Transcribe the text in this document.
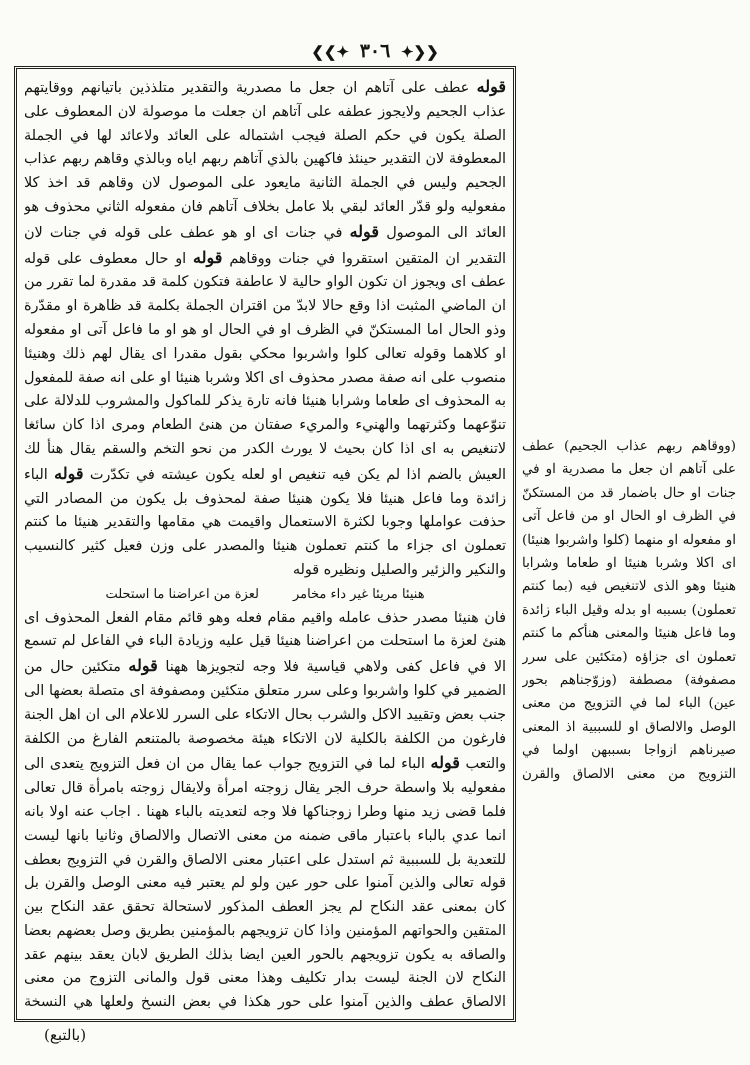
❮❮✦ ٣٠٦ ✦❯❯
قوله عطف على آتاهم ان جعل ما مصدرية والتقدير متلذذين باتيانهم ووقايتهم عذاب الجحيم ولايجوز عطفه على آتاهم ان جعلت ما موصولة لان المعطوف على الصلة يكون في حكم الصلة فيجب اشتماله على العائد ولاعائد لها في الجملة المعطوفة لان التقدير حينئذ فاكهين بالذي آتاهم ربهم اياه وبالذي وقاهم ربهم عذاب الجحيم وليس في الجملة الثانية مايعود على الموصول لان وقاهم قد اخذ كلا مفعوليه ولو قدّر العائد لبقي بلا عامل بخلاف آتاهم فان مفعوله الثاني محذوف هو العائد الى الموصول قوله في جنات اى او هو عطف على قوله في جنات لان التقدير ان المتقين استقروا في جنات ووقاهم قوله او حال معطوف على قوله عطف اى ويجوز ان تكون الواو حالية لا عاطفة فتكون كلمة قد مقدرة لما تقرر من ان الماضي المثبت اذا وقع حالا لابدّ من اقتران الجملة بكلمة قد ظاهرة او مقدّرة وذو الحال اما المستكنّ في الظرف او في الحال او هو او ما فاعل آتى او مفعوله او كلاهما وقوله تعالى كلوا واشربوا محكي بقول مقدرا اى يقال لهم ذلك وهنيئا منصوب على انه صفة مصدر محذوف اى اكلا وشربا هنيئا او على انه صفة للمفعول به المحذوف اى طعاما وشرابا هنيئا فانه تارة يذكر للماكول والمشروب للدلالة على تنوّعهما وكثرتهما والهنيء والمريء صفتان من هنئ الطعام ومرى اذا كان سائغا لاتنغيص به اى اذا كان بحيث لا يورث الكدر من نحو التخم والسقم يقال هنأ لك العيش بالضم اذا لم يكن فيه تنغيص او لعله يكون عيشته في تكدّرت قوله الباء زائدة وما فاعل هنيئا فلا يكون هنيئا صفة لمحذوف بل يكون من المصادر التي حذفت عواملها وجوبا لكثرة الاستعمال واقيمت هي مقامها والتقدير هنيئا ما كنتم تعملون اى جزاء ما كنتم تعملون هنيئا والمصدر على وزن فعيل كثير كالنسيب والنكير والزئير والصليل ونظيره قوله
هنيئا مريئا غير داء مخامر
لعزة من اعراضنا ما استحلت
فان هنيئا مصدر حذف عامله واقيم مقام فعله وهو قائم مقام الفعل المحذوف اى هنئ لعزة ما استحلت من اعراضنا هنيئا قيل عليه وزيادة الباء في الفاعل لم تسمع الا في فاعل كفى ولاهي قياسية فلا وجه لتجويزها ههنا قوله متكئين حال من الضمير في كلوا واشربوا وعلى سرر متعلق متكئين ومصفوفة اى متصلة بعضها الى جنب بعض وتقييد الاكل والشرب بحال الاتكاء على السرر للاعلام الى ان اهل الجنة فارغون من الكلفة بالكلية لان الاتكاء هيئة مخصوصة بالمتنعم الفارغ من الكلفة والتعب قوله الباء لما في التزويج جواب عما يقال من ان فعل التزويج يتعدى الى مفعوليه بلا واسطة حرف الجر يقال زوجته امرأة ولايقال زوجته بامرأة قال تعالى فلما قضى زيد منها وطرا زوجناكها فلا وجه لتعديته بالباء ههنا . اجاب عنه اولا بانه انما عدي بالباء باعتبار ماقى ضمنه من معنى الاتصال والالصاق وثانيا بانها ليست للتعدية بل للسببية ثم استدل على اعتبار معنى الالصاق والقرن في التزويج بعطف قوله تعالى والذين آمنوا على حور عين ولو لم يعتبر فيه معنى الوصل والقرن بل كان بمعنى عقد النكاح لم يجز العطف المذكور لاستحالة تحقق عقد النكاح بين المتقين والحواتهم المؤمنين واذا كان تزويجهم بالمؤمنين بطريق وصل بعضهم بعضا والصاقه به يكون تزويجهم بالحور العين ايضا بذلك الطريق لابان يعقد بينهم عقد النكاح لان الجنة ليست بدار تكليف وهذا معنى قول والمانى التزوج من معنى الالصاق عطف والذين آمنوا على حور هكذا في بعض النسخ ولعلها هي النسخة
(ووقاهم ربهم عذاب الجحيم) عطف على آتاهم ان جعل ما مصدرية او في جنات او حال باضمار قد من المستكنّ في الظرف او الحال او من فاعل آتى او مفعوله او منهما (كلوا واشربوا هنيئا) اى اكلا وشربا هنيئا او طعاما وشرابا هنيئا وهو الذى لاتنغيص فيه (بما كنتم تعملون) بسببه او بدله وقيل الباء زائدة وما فاعل هنيئا والمعنى هنأكم ما كنتم تعملون اى جزاؤه (متكئين على سرر مصفوفة) مصطفة (وزوّجناهم بحور عين) الباء لما في التزويج من معنى الوصل والالصاق او للسببية اذ المعنى صيرناهم ازواجا بسببهن اولما في التزويج من معنى الالصاق والقرن
(بالتبع)
